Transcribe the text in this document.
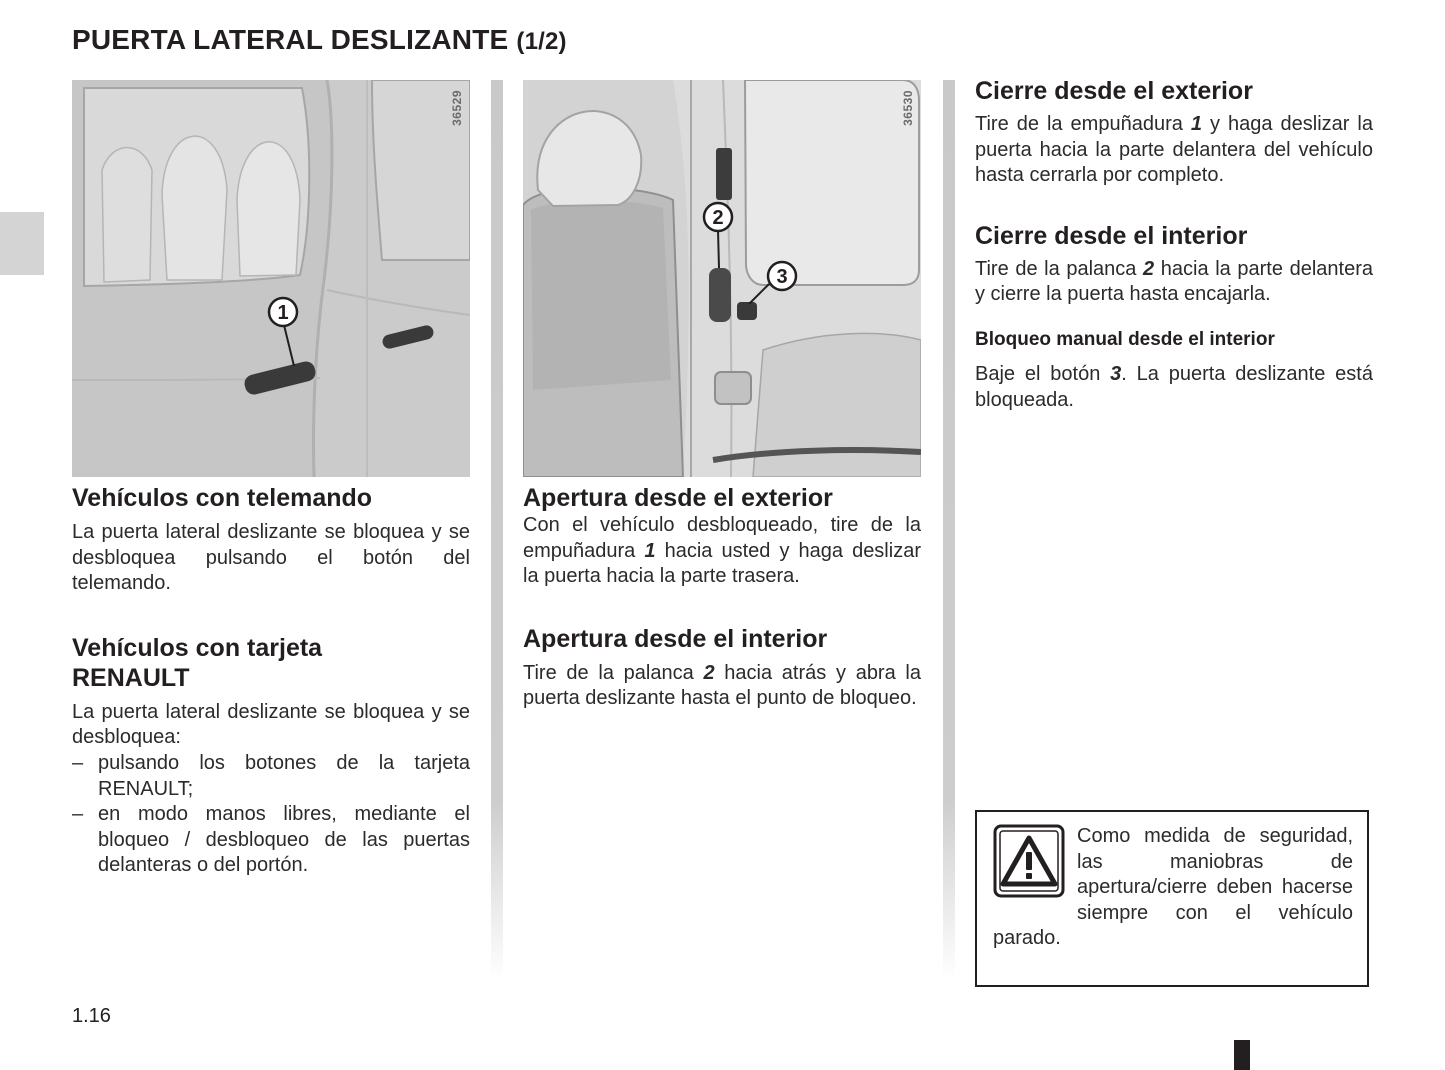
PUERTA LATERAL DESLIZANTE (1/2)
1
36529
Vehículos con telemando

La puerta lateral deslizante se bloquea y se desbloquea pulsando el botón del telemando.

Vehículos con tarjeta
RENAULT

La puerta lateral deslizante se bloquea y se desbloquea:

– pulsando los botones de la tarjeta RENAULT;
– en modo manos libres, mediante el bloqueo / desbloqueo de las puertas delanteras o del portón.
2
3
36530
Apertura desde el exterior

Con el vehículo desbloqueado, tire de la empuñadura 1 hacia usted y haga deslizar la puerta hacia la parte trasera.

Apertura desde el interior

Tire de la palanca 2 hacia atrás y abra la puerta deslizante hasta el punto de bloqueo.

Cierre desde el exterior

Tire de la empuñadura 1 y haga deslizar la puerta hacia la parte delantera del vehículo hasta cerrarla por completo.

Cierre desde el interior

Tire de la palanca 2 hacia la parte delantera y cierre la puerta hasta encajarla.

Bloqueo manual desde el interior

Baje el botón 3. La puerta deslizante está bloqueada.

Como medida de seguridad, las maniobras de apertura/cierre deben hacerse siempre con el vehículo parado.
1.16
